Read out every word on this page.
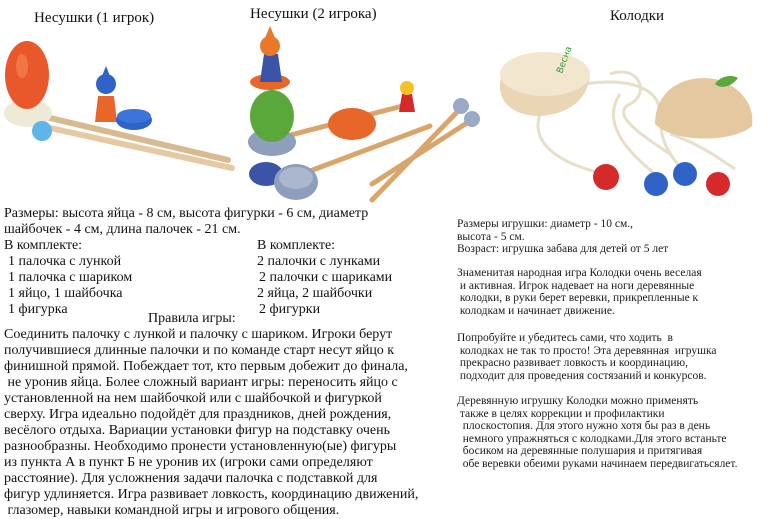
Несушки (1 игрок)	Несушки (2 игрока)	Колодки
Весна
Размеры: высота яйца - 8 см, высота фигурки - 6 см, диаметр
шайбочек - 4 см, длина палочек - 21 см.
В комплекте:
1 палочка с лункой
1 палочка с шариком
1 яйцо, 1 шайбочка
1 фигурка
В комплекте:
2 палочки с лунками
2 палочки с шариками
2 яйца, 2 шайбочки
2 фигурки
Правила игры:
Соединить палочку с лункой и палочку с шариком. Игроки берут
получившиеся длинные палочки и по команде старт несут яйцо к
финишной прямой. Побеждает тот, кто первым добежит до финала,
не уронив яйца. Более сложный вариант игры: переносить яйцо с
установленной на нем шайбочкой или с шайбочкой и фигуркой
сверху. Игра идеально подойдёт для праздников, дней рождения,
весёлого отдыха. Вариации установки фигур на подставку очень
разнообразны. Необходимо пронести установленную(ые) фигуры
из пункта А в пункт Б не уронив их (игроки сами определяют
расстояние). Для усложнения задачи палочка с подставкой для
фигур удлиняется. Игра развивает ловкость, координацию движений,
глазомер, навыки командной игры и игрового общения.
Размеры игрушки: диаметр - 10 см.,
высота - 5 см.
Возраст: игрушка забава для детей от 5 лет
Знаменитая народная игра Колодки очень веселая
и активная. Игрок надевает на ноги деревянные
колодки, в руки берет веревки, прикрепленные к
колодкам и начинает движение.
Попробуйте и убедитесь сами, что ходить  в
колодках не так то просто! Эта деревянная  игрушка
прекрасно развивает ловкость и координацию,
подходит для проведения состязаний и конкурсов.
Деревянную игрушку Колодки можно применять
также в целях коррекции и профилактики
плоскостопия. Для этого нужно хотя бы раз в день
немного упражняться с колодками.Для этого встаньте
босиком на деревянные полушария и притягивая
обе веревки обеими руками начинаем передвигатьсялет.
